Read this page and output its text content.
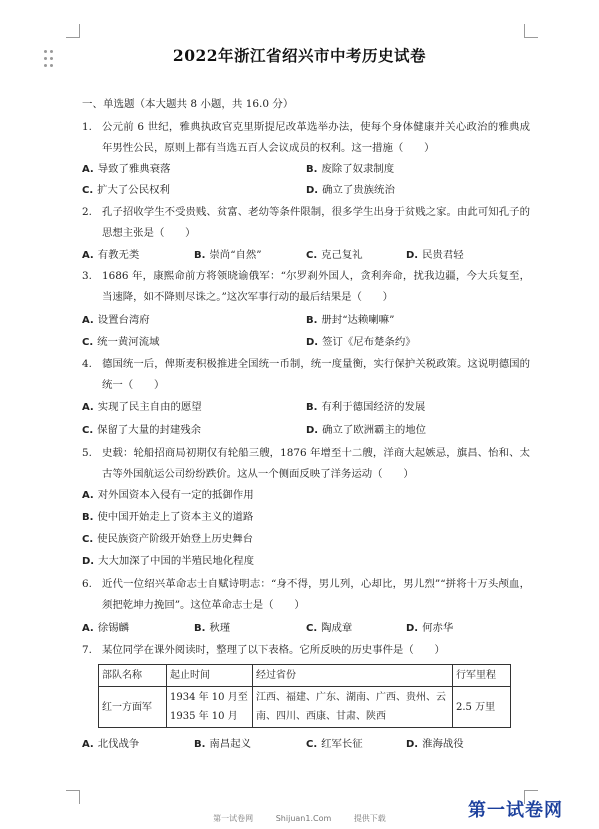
2022年浙江省绍兴市中考历史试卷
一、单选题（本大题共 8 小题，共 16.0 分）
1. 公元前 6 世纪，雅典执政官克里斯提尼改革选举办法，使每个身体健康并关心政治的雅典成年男性公民，原则上都有当选五百人会议成员的权利。这一措施（　　）
A. 导致了雅典衰落	B. 废除了奴隶制度
C. 扩大了公民权利	D. 确立了贵族统治
2. 孔子招收学生不受贵贱、贫富、老幼等条件限制，很多学生出身于贫贱之家。由此可知孔子的思想主张是（　　）
A. 有教无类	B. 崇尚“自然”	C. 克己复礼	D. 民贵君轻
3. 1686 年，康熙命前方将领晓谕俄军：“尔罗刹外国人，贪利奔命，扰我边疆，今大兵复至，当速降，如不降则尽诛之。”这次军事行动的最后结果是（　　）
A. 设置台湾府	B. 册封“达赖喇嘛”
C. 统一黄河流域	D. 签订《尼布楚条约》
4. 德国统一后，俾斯麦积极推进全国统一币制，统一度量衡，实行保护关税政策。这说明德国的统一（　　）
A. 实现了民主自由的愿望	B. 有利于德国经济的发展
C. 保留了大量的封建残余	D. 确立了欧洲霸主的地位
5. 史载：轮船招商局初期仅有轮船三艘，1876 年增至十二艘，洋商大起嫉忌，旗昌、怡和、太古等外国航运公司纷纷跌价。这从一个侧面反映了洋务运动（　　）
A. 对外国资本入侵有一定的抵御作用
B. 使中国开始走上了资本主义的道路
C. 使民族资产阶级开始登上历史舞台
D. 大大加深了中国的半殖民地化程度
6. 近代一位绍兴革命志士自赋诗明志：“身不得，男儿列，心却比，男儿烈”“拼将十万头颅血，须把乾坤力挽回”。这位革命志士是（　　）
A. 徐锡麟	B. 秋瑾	C. 陶成章	D. 何赤华
7. 某位同学在课外阅读时，整理了以下表格。它所反映的历史事件是（　　）
部队名称	起止时间	经过省份	行军里程
红一方面军	1934 年 10 月至 1935 年 10 月	江西、福建、广东、湖南、广西、贵州、云南、四川、西康、甘肃、陕西	2.5 万里
A. 北伐战争	B. 南昌起义	C. 红军长征	D. 淮海战役
第一试卷网
第一试卷网	Shijuan1.Com	提供下载
